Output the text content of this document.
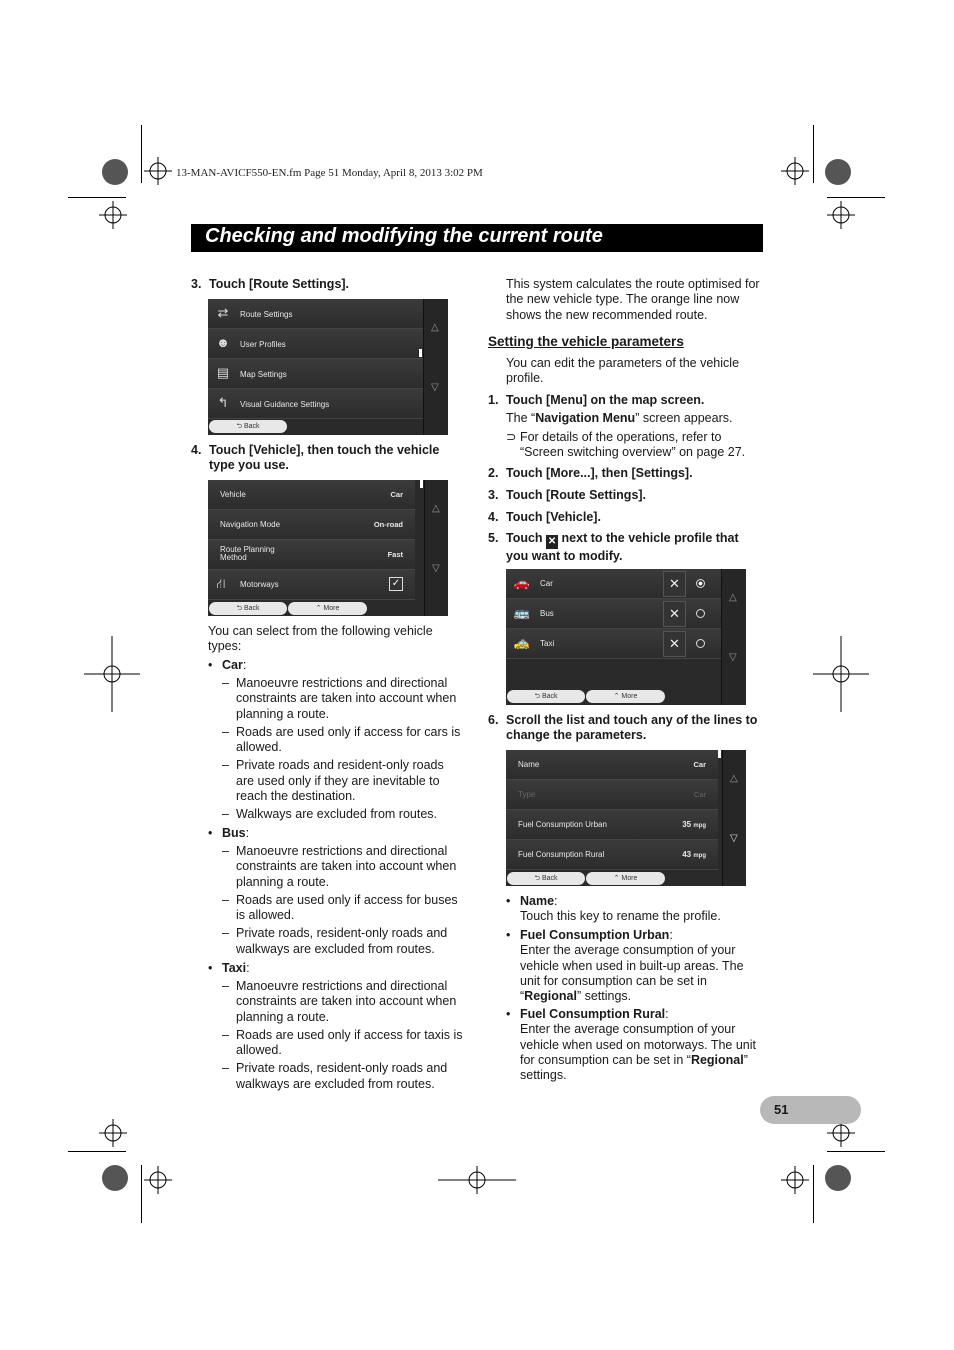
13-MAN-AVICF550-EN.fm Page 51 Monday, April 8, 2013 3:02 PM
Checking and modifying the current route
3. Touch [Route Settings].
⇄	Route Settings
☻ User Profiles
▤	Map Settings
↰	Visual Guidance Settings
△
▽
⮌ Back
4. Touch [Vehicle], then touch the vehicle
type you use.
Vehicle	Car
Navigation Mode	On-road
Route Planning
Method	Fast
⛙	Motorways	✓
△
▽
⮌ Back	⌃ More
You can select from the following vehicle
types:
• Car:
– Manoeuvre restrictions and directional
constraints are taken into account when
planning a route.
– Roads are used only if access for cars is
allowed.
– Private roads and resident-only roads
are used only if they are inevitable to
reach the destination.
– Walkways are excluded from routes.
• Bus:
– Manoeuvre restrictions and directional
constraints are taken into account when
planning a route.
– Roads are used only if access for buses
is allowed.
– Private roads, resident-only roads and
walkways are excluded from routes.
• Taxi:
– Manoeuvre restrictions and directional
constraints are taken into account when
planning a route.
– Roads are used only if access for taxis is
allowed.
– Private roads, resident-only roads and
walkways are excluded from routes.
This system calculates the route optimised for
the new vehicle type. The orange line now
shows the new recommended route.
Setting the vehicle parameters
You can edit the parameters of the vehicle
profile.
1. Touch [Menu] on the map screen.
The “Navigation Menu” screen appears.
⊃ For details of the operations, refer to
“Screen switching overview” on page 27.
2. Touch [More...], then [Settings].
3. Touch [Route Settings].
4. Touch [Vehicle].
5. Touch ✕ next to the vehicle profile that
you want to modify.
🚗	Car	✕
🚌	Bus	✕
🚕	Taxi	✕
△
▽
⮌ Back	⌃ More
6. Scroll the list and touch any of the lines to
change the parameters.
Name	Car
Type	Car
Fuel Consumption Urban	35 mpg
Fuel Consumption Rural	43 mpg
△
▽
⮌ Back	⌃ More
• Name:
Touch this key to rename the profile.
• Fuel Consumption Urban:
Enter the average consumption of your
vehicle when used in built-up areas. The
unit for consumption can be set in
“Regional” settings.
• Fuel Consumption Rural:
Enter the average consumption of your
vehicle when used on motorways. The unit
for consumption can be set in “Regional”
settings.
51
